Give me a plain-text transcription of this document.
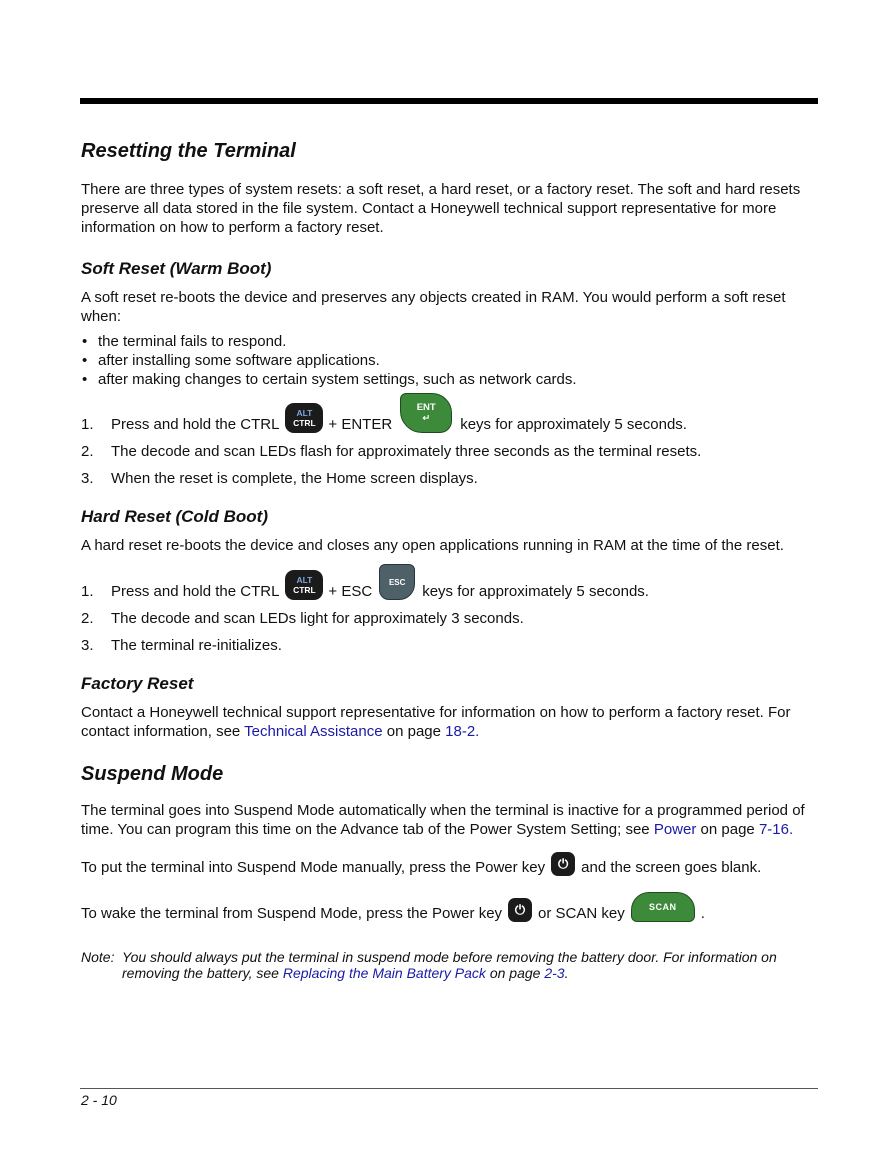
Resetting the Terminal

There are three types of system resets: a soft reset, a hard reset, or a factory reset. The soft and hard resets preserve all data stored in the file system. Contact a Honeywell technical support representative for more information on how to perform a factory reset.

Soft Reset (Warm Boot)

A soft reset re-boots the device and preserves any objects created in RAM. You would perform a soft reset when:

• the terminal fails to respond.
• after installing some software applications.
• after making changes to certain system settings, such as network cards.
1.	Press and hold the CTRL
ALT
CTRL + ENTER
ENT
↵ keys for approximately 5 seconds.
2.	The decode and scan LEDs flash for approximately three seconds as the terminal resets.
3.	When the reset is complete, the Home screen displays.
Hard Reset (Cold Boot)

A hard reset re-boots the device and closes any open applications running in RAM at the time of the reset.

1.	Press and hold the CTRL
ALT
CTRL + ESC
ESC
keys for approximately 5 seconds.
2.	The decode and scan LEDs light for approximately 3 seconds.
3.	The terminal re-initializes.
Factory Reset

Contact a Honeywell technical support representative for information on how to perform a factory reset. For contact information, see Technical Assistance on page 18-2.

Suspend Mode

The terminal goes into Suspend Mode automatically when the terminal is inactive for a programmed period of time. You can program this time on the Advance tab of the Power System Setting; see Power on page 7-16.

To put the terminal into Suspend Mode manually, press the Power key ⏻ and the screen goes blank.
To wake the terminal from Suspend Mode, press the Power key ⏻ or SCAN key	SCAN .
Note: You should always put the terminal in suspend mode before removing the battery door. For information on removing the battery, see Replacing the Main Battery Pack on page 2-3.
2 - 10
